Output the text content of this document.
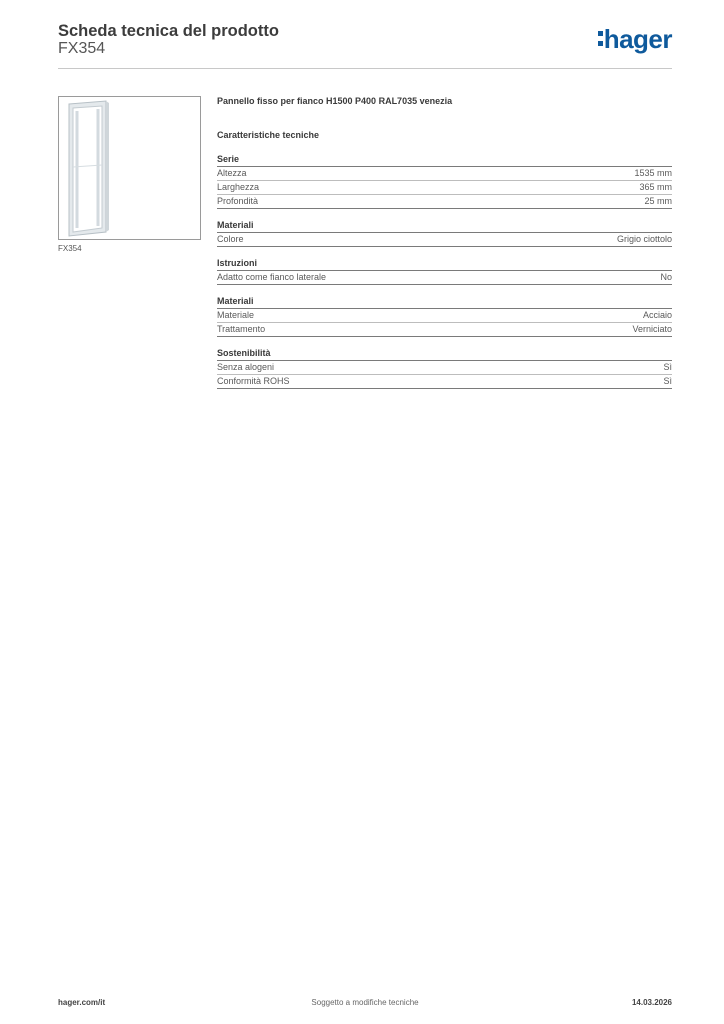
Scheda tecnica del prodotto
FX354	hager
FX354
Pannello fisso per fianco H1500 P400 RAL7035 venezia
Caratteristiche tecniche
Serie
Altezza	1535 mm
Larghezza	365 mm
Profondità	25 mm
Materiali
Colore	Grigio ciottolo
Istruzioni
Adatto come fianco laterale	No
Materiali
Materiale	Acciaio
Trattamento	Verniciato
Sostenibilità
Senza alogeni	Sì
Conformità ROHS	Sì
hager.com/it	Soggetto a modifiche tecniche	14.03.2026
